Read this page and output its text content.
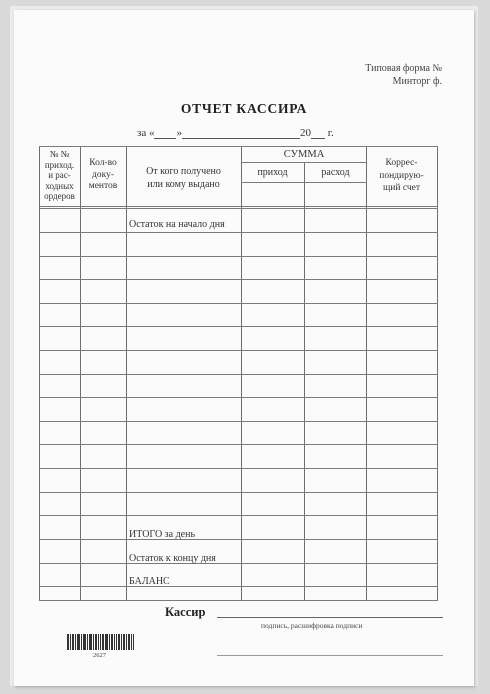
Типовая форма №
Минторг ф.
ОТЧЕТ КАССИРА
за « »	20 г.
№ №
приход.
и рас-
ходных
ордеров
Кол-во
доку-
ментов
От кого получено
или кому выдано
СУММА
приход	расход
Коррес-
пондирую-
щий счет
Остаток на начало дня
ИТОГО за день
Остаток к концу дня
БАЛАНС
Кассир
подпись, расшифровка подписи
2627
